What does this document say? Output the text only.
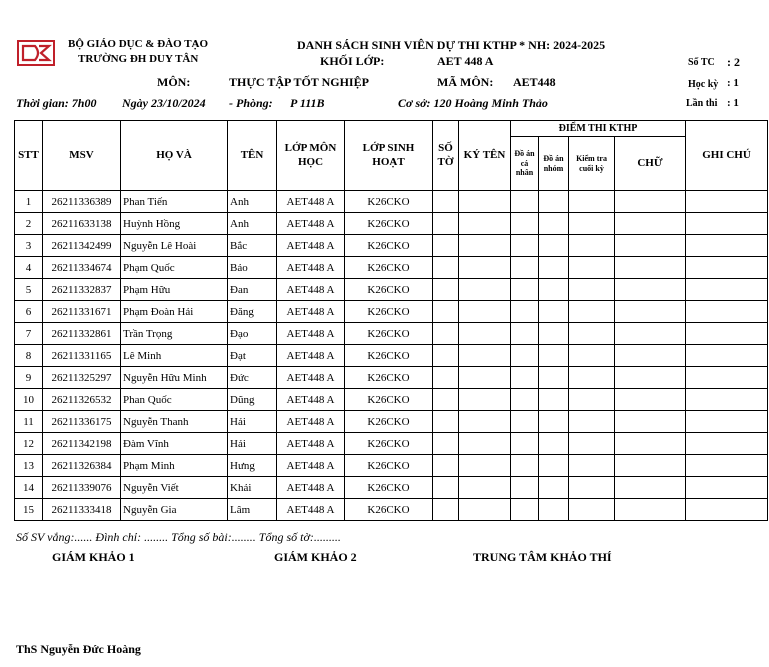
BỘ GIÁO DỤC & ĐÀO TẠO
TRƯỜNG ĐH DUY TÂN
DANH SÁCH SINH VIÊN DỰ THI KTHP * NH: 2024-2025
KHỐI LỚP:	AET 448 A	Số TC : 2
MÔN:	THỰC TẬP TỐT NGHIỆP	MÃ MÔN: AET448	Học kỳ : 1
Thời gian: 7h00 Ngày 23/10/2024 - Phòng: P 111B	Cơ sở: 120 Hoàng Minh Thảo	Lần thi : 1
STT	MSV	HỌ VÀ	TÊN	LỚP MÔN HỌC	LỚP SINH HOẠT	SỐ TỜ	KÝ TÊN	ĐIỂM THI KTHP				GHI CHÚ
								Đồ án cá nhân	Đồ án nhóm	Kiểm tra cuối kỳ	CHỮ	
1	26211336389	Phan Tiến	Anh	AET448 A	K26CKO							
2	26211633138	Huỳnh Hồng	Anh	AET448 A	K26CKO							
3	26211342499	Nguyễn Lê Hoài	Bắc	AET448 A	K26CKO							
4	26211334674	Phạm Quốc	Bảo	AET448 A	K26CKO							
5	26211332837	Phạm Hữu	Đan	AET448 A	K26CKO							
6	26211331671	Phạm Đoàn Hải	Đăng	AET448 A	K26CKO							
7	26211332861	Trần Trọng	Đạo	AET448 A	K26CKO							
8	26211331165	Lê Minh	Đạt	AET448 A	K26CKO							
9	26211325297	Nguyễn Hữu Minh	Đức	AET448 A	K26CKO							
10	26211326532	Phan Quốc	Dũng	AET448 A	K26CKO							
11	26211336175	Nguyễn Thanh	Hải	AET448 A	K26CKO							
12	26211342198	Đàm Vĩnh	Hải	AET448 A	K26CKO							
13	26211326384	Phạm Minh	Hưng	AET448 A	K26CKO							
14	26211339076	Nguyễn Viết	Khải	AET448 A	K26CKO							
15	26211333418	Nguyễn Gia	Lâm	AET448 A	K26CKO							
Số SV vắng:...... Đình chỉ: ........ Tổng số bài:........ Tổng số tờ:.........
GIÁM KHẢO 1	GIÁM KHẢO 2	TRUNG TÂM KHẢO THÍ
ThS Nguyễn Đức Hoàng
